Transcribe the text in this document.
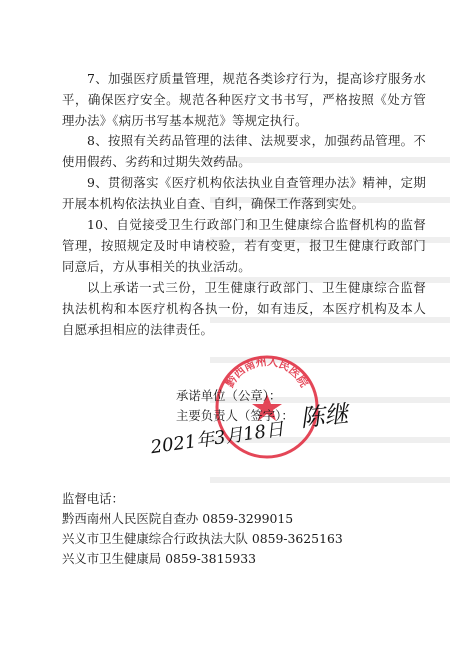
7、加强医疗质量管理，规范各类诊疗行为，提高诊疗服务水平，确保医疗安全。规范各种医疗文书书写，严格按照《处方管理办法》《病历书写基本规范》等规定执行。

8、按照有关药品管理的法律、法规要求，加强药品管理。不使用假药、劣药和过期失效药品。

9、贯彻落实《医疗机构依法执业自查管理办法》精神，定期开展本机构依法执业自查、自纠，确保工作落到实处。

10、自觉接受卫生行政部门和卫生健康综合监督机构的监督管理，按照规定及时申请校验，若有变更，报卫生健康行政部门同意后，方从事相关的执业活动。

以上承诺一式三份，卫生健康行政部门、卫生健康综合监督执法机构和本医疗机构各执一份，如有违反，本医疗机构及本人自愿承担相应的法律责任。

黔西南州人民医院

承诺单位（公章）：

主要负责人（签字）： 陈继
2021年3月18日

监督电话：

黔西南州人民医院自查办 0859-3299015

兴义市卫生健康综合行政执法大队 0859-3625163

兴义市卫生健康局 0859-3815933
